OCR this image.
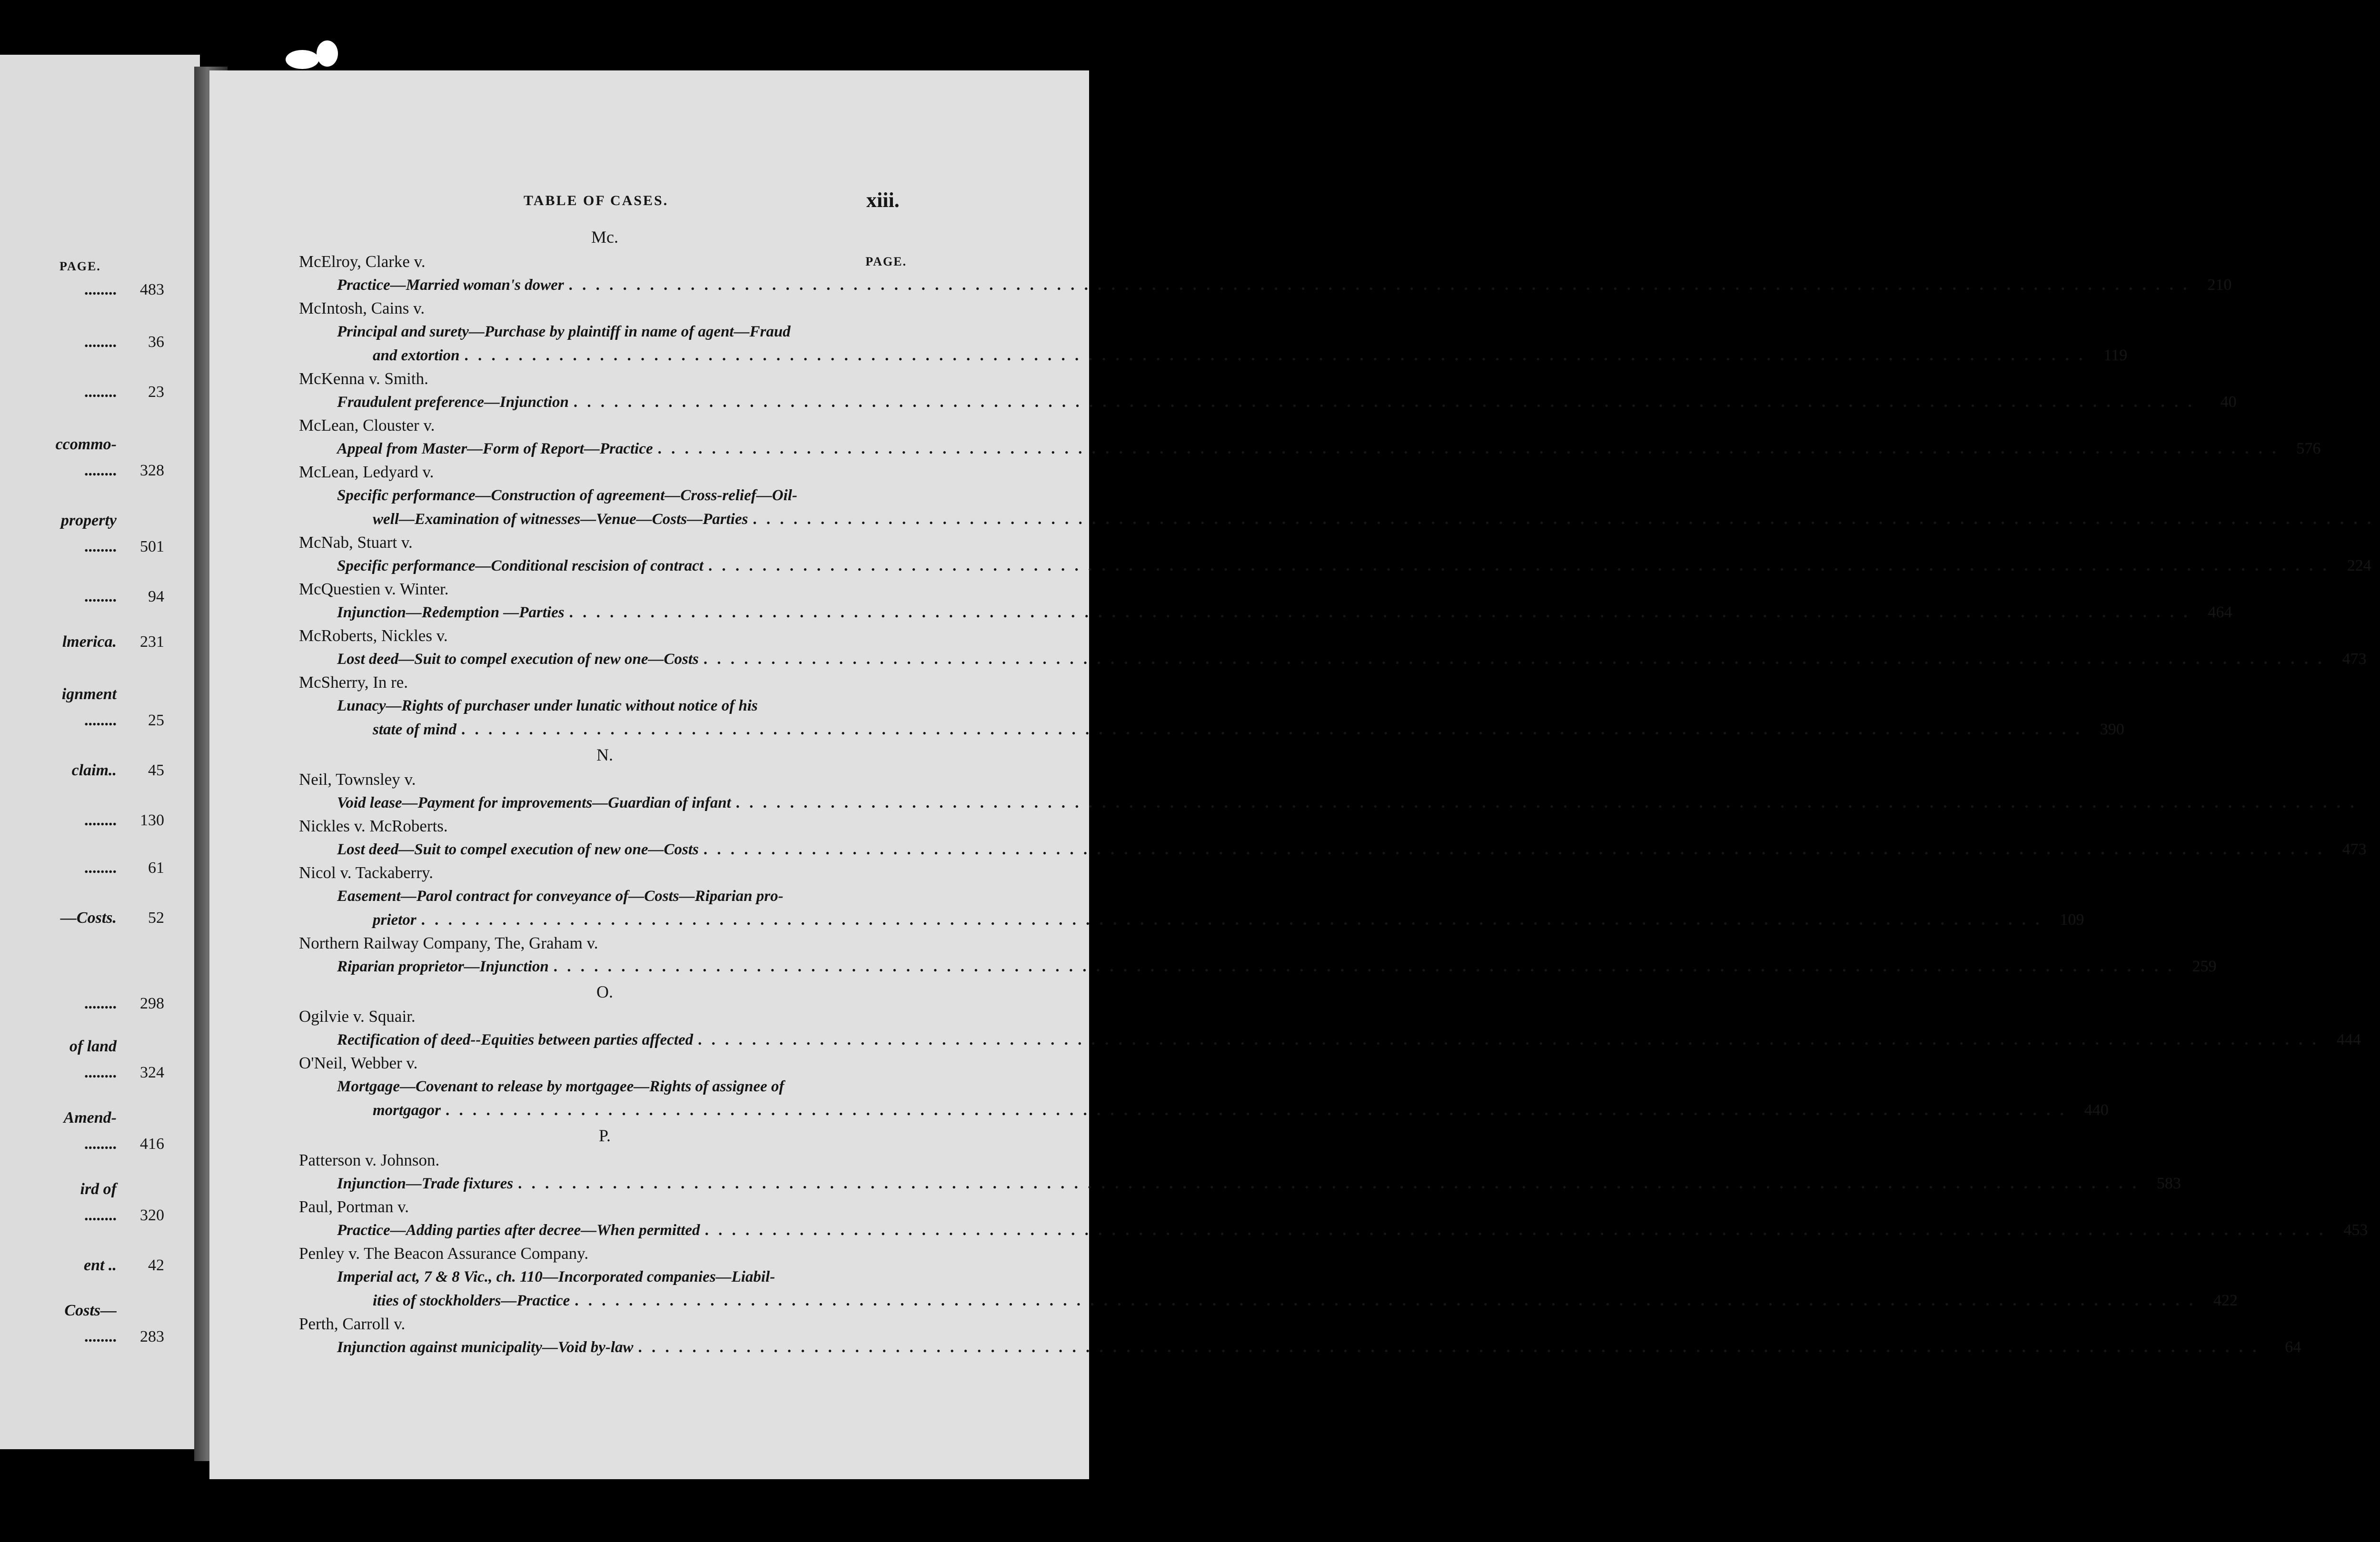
PAGE.
........	483
........	36
........	23
ccommo-
........	328
property
........	501
........	94
lmerica.	231
ignment
........	25
claim..	45
........	130
........	61
—Costs.	52
........	298
of land
........	324
Amend-
........	416
ird of
........	320
ent ..	42
Costs—
........	283
TABLE OF CASES.	xiii.
Mc.
McElroy, Clarke v.	PAGE.
Practice—Married woman's dower . . . . . . . . . . . . . . . . . . . . . . . . . . . . . . . . . . . . . . . . . . . . . . . . . . . . . . . . . . . . . . . . . . . . . . . . . . . . . . . . . . . . . . . . . . . . . . . . . . . . . . . . . . . . . . . . . . . . . . . .	210
McIntosh, Cains v.
Principal and surety—Purchase by plaintiff in name of agent—Fraud
and extortion . . . . . . . . . . . . . . . . . . . . . . . . . . . . . . . . . . . . . . . . . . . . . . . . . . . . . . . . . . . . . . . . . . . . . . . . . . . . . . . . . . . . . . . . . . . . . . . . . . . . . . . . . . . . . . . . . . . . . . . .	119
McKenna v. Smith.
Fraudulent preference—Injunction . . . . . . . . . . . . . . . . . . . . . . . . . . . . . . . . . . . . . . . . . . . . . . . . . . . . . . . . . . . . . . . . . . . . . . . . . . . . . . . . . . . . . . . . . . . . . . . . . . . . . . . . . . . . . . . . . . . . . . . .	40
McLean, Clouster v.
Appeal from Master—Form of Report—Practice . . . . . . . . . . . . . . . . . . . . . . . . . . . . . . . . . . . . . . . . . . . . . . . . . . . . . . . . . . . . . . . . . . . . . . . . . . . . . . . . . . . . . . . . . . . . . . . . . . . . . . . . . . . . . . . . . . . . . . . .	576
McLean, Ledyard v.
Specific performance—Construction of agreement—Cross-relief—Oil-
well—Examination of witnesses—Venue—Costs—Parties . . . . . . . . . . . . . . . . . . . . . . . . . . . . . . . . . . . . . . . . . . . . . . . . . . . . . . . . . . . . . . . . . . . . . . . . . . . . . . . . . . . . . . . . . . . . . . . . . . . . . . . . . . . . . . . . . . . . . . . .
McNab, Stuart v.
Specific performance—Conditional rescision of contract . . . . . . . . . . . . . . . . . . . . . . . . . . . . . . . . . . . . . . . . . . . . . . . . . . . . . . . . . . . . . . . . . . . . . . . . . . . . . . . . . . . . . . . . . . . . . . . . . . . . . . . . . . . . . . . . . . . . . . . .	224
McQuestien v. Winter.
Injunction—Redemption —Parties . . . . . . . . . . . . . . . . . . . . . . . . . . . . . . . . . . . . . . . . . . . . . . . . . . . . . . . . . . . . . . . . . . . . . . . . . . . . . . . . . . . . . . . . . . . . . . . . . . . . . . . . . . . . . . . . . . . . . . . .	464
McRoberts, Nickles v.
Lost deed—Suit to compel execution of new one—Costs . . . . . . . . . . . . . . . . . . . . . . . . . . . . . . . . . . . . . . . . . . . . . . . . . . . . . . . . . . . . . . . . . . . . . . . . . . . . . . . . . . . . . . . . . . . . . . . . . . . . . . . . . . . . . . . . . . . . . . . .	473
McSherry, In re.
Lunacy—Rights of purchaser under lunatic without notice of his
state of mind . . . . . . . . . . . . . . . . . . . . . . . . . . . . . . . . . . . . . . . . . . . . . . . . . . . . . . . . . . . . . . . . . . . . . . . . . . . . . . . . . . . . . . . . . . . . . . . . . . . . . . . . . . . . . . . . . . . . . . . .	390
N.
Neil, Townsley v.
Void lease—Payment for improvements—Guardian of infant . . . . . . . . . . . . . . . . . . . . . . . . . . . . . . . . . . . . . . . . . . . . . . . . . . . . . . . . . . . . . . . . . . . . . . . . . . . . . . . . . . . . . . . . . . . . . . . . . . . . . . . . . . . . . . . . . . . . . . . .
Nickles v. McRoberts.
Lost deed—Suit to compel execution of new one—Costs . . . . . . . . . . . . . . . . . . . . . . . . . . . . . . . . . . . . . . . . . . . . . . . . . . . . . . . . . . . . . . . . . . . . . . . . . . . . . . . . . . . . . . . . . . . . . . . . . . . . . . . . . . . . . . . . . . . . . . . .	473
Nicol v. Tackaberry.
Easement—Parol contract for conveyance of—Costs—Riparian pro-
prietor . . . . . . . . . . . . . . . . . . . . . . . . . . . . . . . . . . . . . . . . . . . . . . . . . . . . . . . . . . . . . . . . . . . . . . . . . . . . . . . . . . . . . . . . . . . . . . . . . . . . . . . . . . . . . . . . . . . . . . . .	109
Northern Railway Company, The, Graham v.
Riparian proprietor—Injunction . . . . . . . . . . . . . . . . . . . . . . . . . . . . . . . . . . . . . . . . . . . . . . . . . . . . . . . . . . . . . . . . . . . . . . . . . . . . . . . . . . . . . . . . . . . . . . . . . . . . . . . . . . . . . . . . . . . . . . . .	259
O.
Ogilvie v. Squair.
Rectification of deed--Equities between parties affected . . . . . . . . . . . . . . . . . . . . . . . . . . . . . . . . . . . . . . . . . . . . . . . . . . . . . . . . . . . . . . . . . . . . . . . . . . . . . . . . . . . . . . . . . . . . . . . . . . . . . . . . . . . . . . . . . . . . . . . .	444
O'Neil, Webber v.
Mortgage—Covenant to release by mortgagee—Rights of assignee of
mortgagor . . . . . . . . . . . . . . . . . . . . . . . . . . . . . . . . . . . . . . . . . . . . . . . . . . . . . . . . . . . . . . . . . . . . . . . . . . . . . . . . . . . . . . . . . . . . . . . . . . . . . . . . . . . . . . . . . . . . . . . .	440
P.
Patterson v. Johnson.
Injunction—Trade fixtures . . . . . . . . . . . . . . . . . . . . . . . . . . . . . . . . . . . . . . . . . . . . . . . . . . . . . . . . . . . . . . . . . . . . . . . . . . . . . . . . . . . . . . . . . . . . . . . . . . . . . . . . . . . . . . . . . . . . . . . .	583
Paul, Portman v.
Practice—Adding parties after decree—When permitted . . . . . . . . . . . . . . . . . . . . . . . . . . . . . . . . . . . . . . . . . . . . . . . . . . . . . . . . . . . . . . . . . . . . . . . . . . . . . . . . . . . . . . . . . . . . . . . . . . . . . . . . . . . . . . . . . . . . . . . .	453
Penley v. The Beacon Assurance Company.
Imperial act, 7 & 8 Vic., ch. 110—Incorporated companies—Liabil-
ities of stockholders—Practice . . . . . . . . . . . . . . . . . . . . . . . . . . . . . . . . . . . . . . . . . . . . . . . . . . . . . . . . . . . . . . . . . . . . . . . . . . . . . . . . . . . . . . . . . . . . . . . . . . . . . . . . . . . . . . . . . . . . . . . .	422
Perth, Carroll v.
Injunction against municipality—Void by-law . . . . . . . . . . . . . . . . . . . . . . . . . . . . . . . . . . . . . . . . . . . . . . . . . . . . . . . . . . . . . . . . . . . . . . . . . . . . . . . . . . . . . . . . . . . . . . . . . . . . . . . . . . . . . . . . . . . . . . . .	64
